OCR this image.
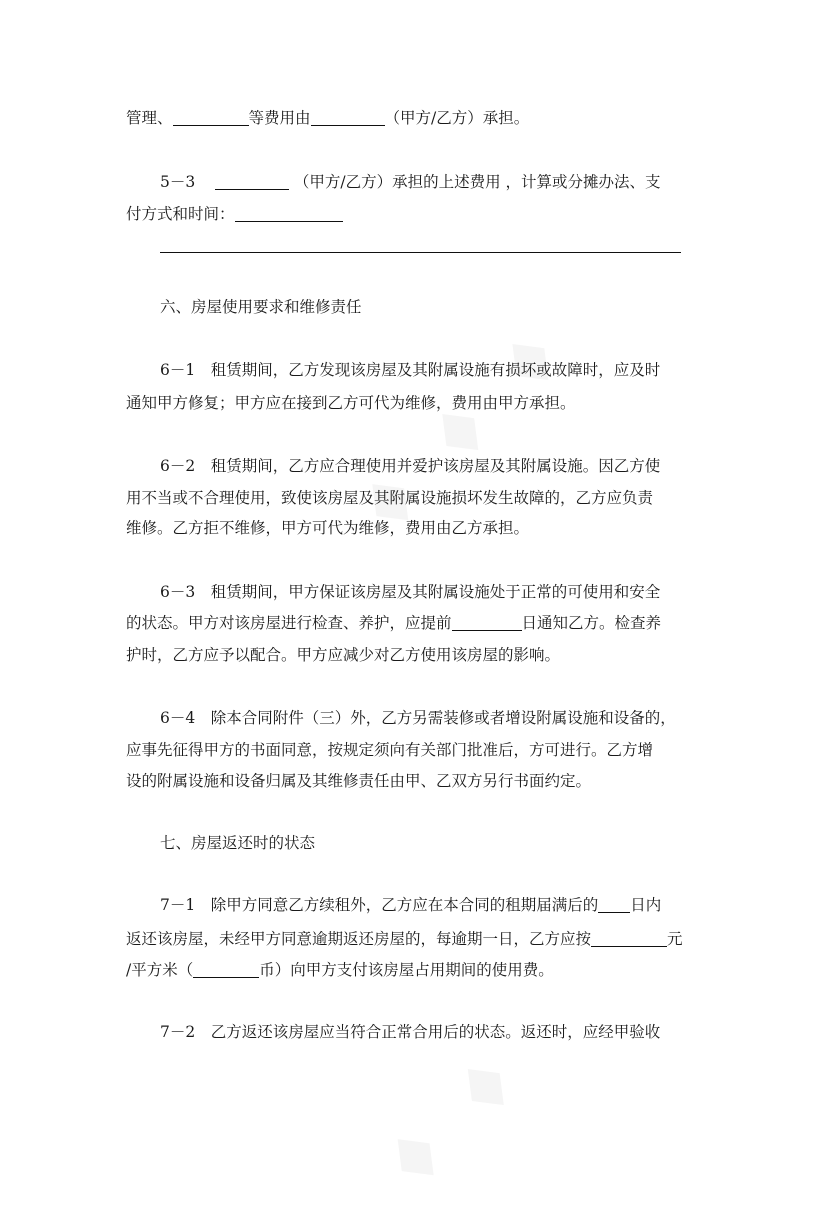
管理、	等费用由	（甲方/乙方）承担。
5－3	（甲方/乙方）承担的上述费用 ，计算或分摊办法、支
付方式和时间：
六、房屋使用要求和维修责任
6－1　租赁期间，乙方发现该房屋及其附属设施有损坏或故障时，应及时
通知甲方修复；甲方应在接到乙方可代为维修，费用由甲方承担。
6－2　租赁期间，乙方应合理使用并爱护该房屋及其附属设施。因乙方使
用不当或不合理使用，致使该房屋及其附属设施损坏发生故障的，乙方应负责
维修。乙方拒不维修，甲方可代为维修，费用由乙方承担。
6－3　租赁期间，甲方保证该房屋及其附属设施处于正常的可使用和安全
的状态。甲方对该房屋进行检查、养护，应提前	日通知乙方。检查养
护时，乙方应予以配合。甲方应减少对乙方使用该房屋的影响。
6－4　除本合同附件（三）外，乙方另需装修或者增设附属设施和设备的，
应事先征得甲方的书面同意，按规定须向有关部门批准后，方可进行。乙方增
设的附属设施和设备归属及其维修责任由甲、乙双方另行书面约定。
七、房屋返还时的状态
7－1　除甲方同意乙方续租外，乙方应在本合同的租期届满后的 日内
返还该房屋，未经甲方同意逾期返还房屋的，每逾期一日，乙方应按	元
/平方米（	币）向甲方支付该房屋占用期间的使用费。
7－2　乙方返还该房屋应当符合正常合用后的状态。返还时，应经甲验收
